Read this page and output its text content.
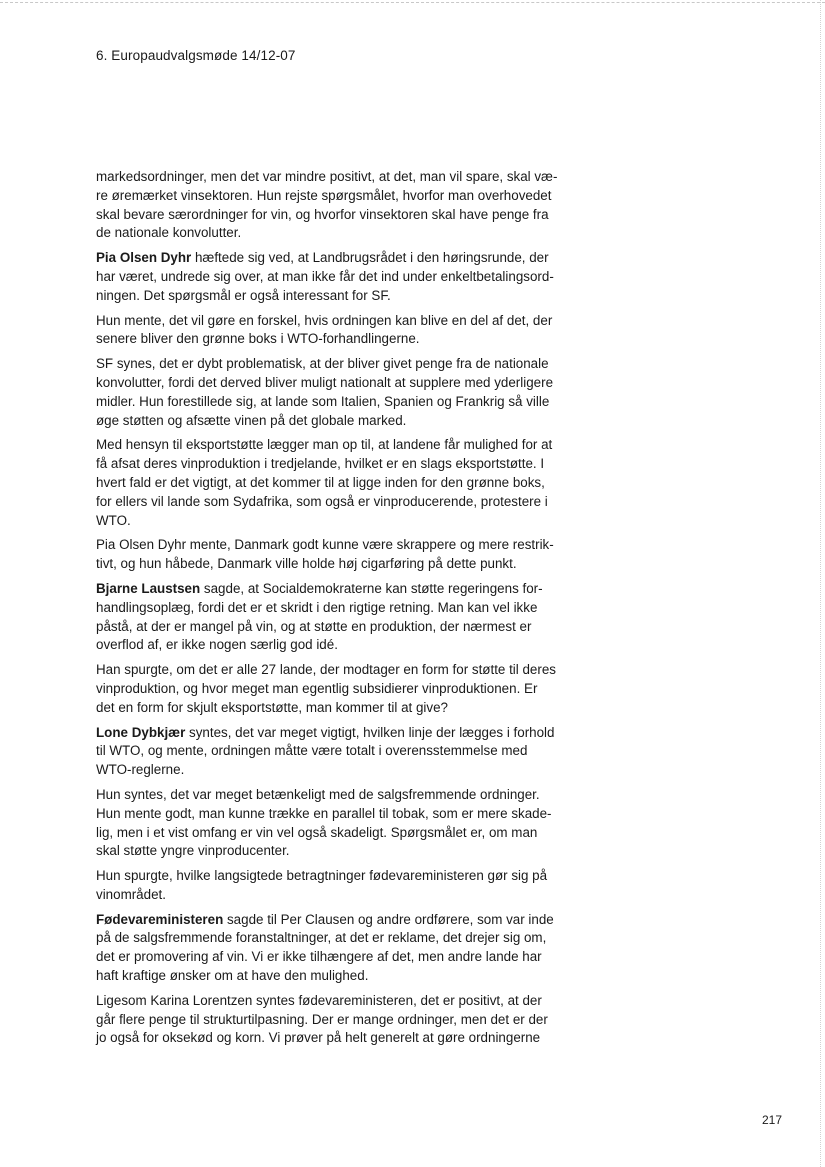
6. Europaudvalgsmøde 14/12-07

markedsordninger, men det var mindre positivt, at det, man vil spare, skal væ-
re øremærket vinsektoren. Hun rejste spørgsmålet, hvorfor man overhovedet
skal bevare særordninger for vin, og hvorfor vinsektoren skal have penge fra
de nationale konvolutter.

Pia Olsen Dyhr hæftede sig ved, at Landbrugsrådet i den høringsrunde, der
har været, undrede sig over, at man ikke får det ind under enkeltbetalingsord-
ningen. Det spørgsmål er også interessant for SF.

Hun mente, det vil gøre en forskel, hvis ordningen kan blive en del af det, der
senere bliver den grønne boks i WTO-forhandlingerne.

SF synes, det er dybt problematisk, at der bliver givet penge fra de nationale
konvolutter, fordi det derved bliver muligt nationalt at supplere med yderligere
midler. Hun forestillede sig, at lande som Italien, Spanien og Frankrig så ville
øge støtten og afsætte vinen på det globale marked.

Med hensyn til eksportstøtte lægger man op til, at landene får mulighed for at
få afsat deres vinproduktion i tredjelande, hvilket er en slags eksportstøtte. I
hvert fald er det vigtigt, at det kommer til at ligge inden for den grønne boks,
for ellers vil lande som Sydafrika, som også er vinproducerende, protestere i
WTO.

Pia Olsen Dyhr mente, Danmark godt kunne være skrappere og mere restrik-
tivt, og hun håbede, Danmark ville holde høj cigarføring på dette punkt.

Bjarne Laustsen sagde, at Socialdemokraterne kan støtte regeringens for-
handlingsoplæg, fordi det er et skridt i den rigtige retning. Man kan vel ikke
påstå, at der er mangel på vin, og at støtte en produktion, der nærmest er
overflod af, er ikke nogen særlig god idé.

Han spurgte, om det er alle 27 lande, der modtager en form for støtte til deres
vinproduktion, og hvor meget man egentlig subsidierer vinproduktionen. Er
det en form for skjult eksportstøtte, man kommer til at give?

Lone Dybkjær syntes, det var meget vigtigt, hvilken linje der lægges i forhold
til WTO, og mente, ordningen måtte være totalt i overensstemmelse med
WTO-reglerne.

Hun syntes, det var meget betænkeligt med de salgsfremmende ordninger.
Hun mente godt, man kunne trække en parallel til tobak, som er mere skade-
lig, men i et vist omfang er vin vel også skadeligt. Spørgsmålet er, om man
skal støtte yngre vinproducenter.

Hun spurgte, hvilke langsigtede betragtninger fødevareministeren gør sig på
vinområdet.

Fødevareministeren sagde til Per Clausen og andre ordførere, som var inde
på de salgsfremmende foranstaltninger, at det er reklame, det drejer sig om,
det er promovering af vin. Vi er ikke tilhængere af det, men andre lande har
haft kraftige ønsker om at have den mulighed.

Ligesom Karina Lorentzen syntes fødevareministeren, det er positivt, at der
går flere penge til strukturtilpasning. Der er mange ordninger, men det er der
jo også for oksekød og korn. Vi prøver på helt generelt at gøre ordningerne

217
